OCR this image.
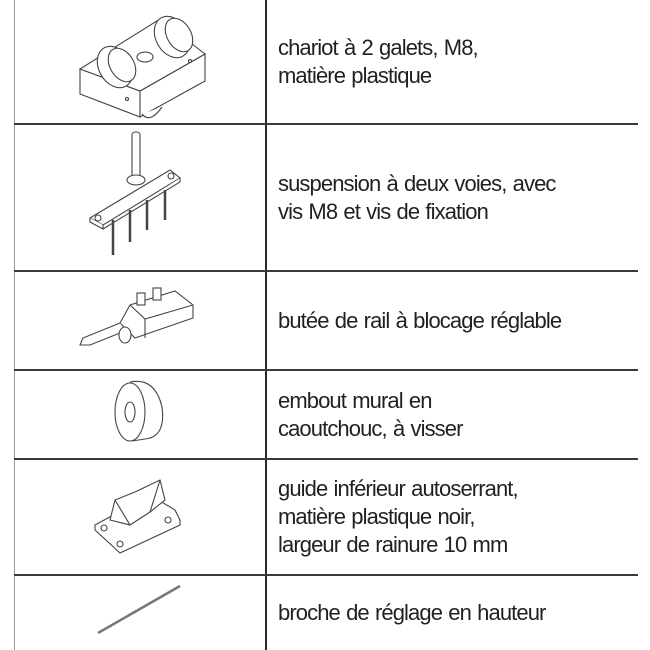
chariot à 2 galets, M8,
matière plastique
suspension à deux voies, avec
vis M8 et vis de fixation
butée de rail à blocage réglable
embout mural en
caoutchouc, à visser
guide inférieur autoserrant,
matière plastique noir,
largeur de rainure 10 mm
broche de réglage en hauteur
